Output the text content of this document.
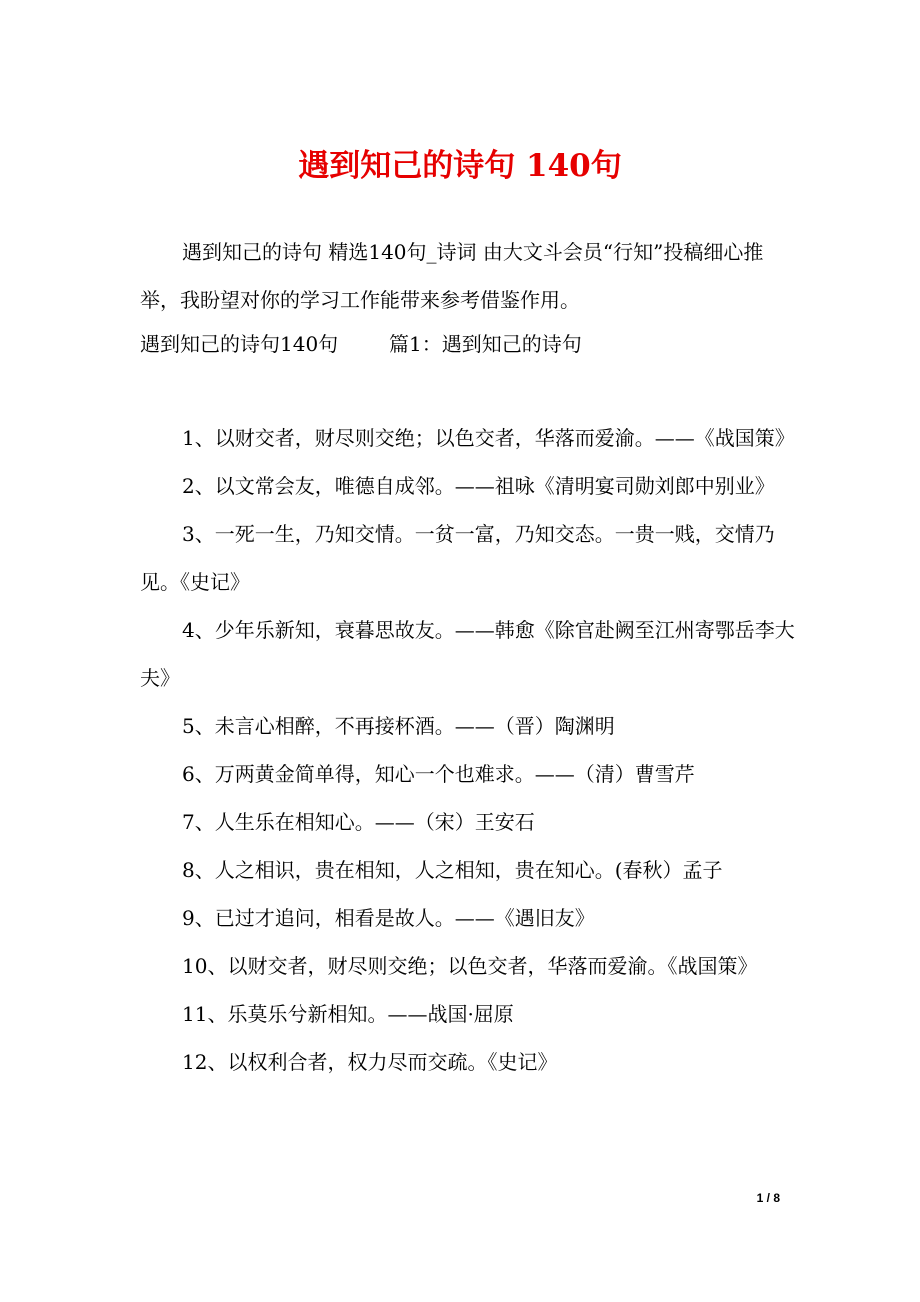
遇到知己的诗句 140句

遇到知己的诗句 精选140句_诗词 由大文斗会员“行知”投稿细心推举，我盼望对你的学习工作能带来参考借鉴作用。

遇到知己的诗句140句	篇1：遇到知己的诗句

1、以财交者，财尽则交绝；以色交者，华落而爱渝。——《战国策》
2、以文常会友，唯德自成邻。——祖咏《清明宴司勋刘郎中别业》
3、一死一生，乃知交情。一贫一富，乃知交态。一贵一贱，交情乃见。《史记》
4、少年乐新知，衰暮思故友。——韩愈《除官赴阙至江州寄鄂岳李大夫》
5、未言心相醉，不再接杯酒。——（晋）陶渊明
6、万两黄金简单得，知心一个也难求。——（清）曹雪芹
7、人生乐在相知心。——（宋）王安石
8、人之相识，贵在相知，人之相知，贵在知心。(春秋）孟子
9、已过才追问，相看是故人。——《遇旧友》
10、以财交者，财尽则交绝；以色交者，华落而爱渝。《战国策》
11、乐莫乐兮新相知。——战国·屈原
12、以权利合者，权力尽而交疏。《史记》
1 / 8
